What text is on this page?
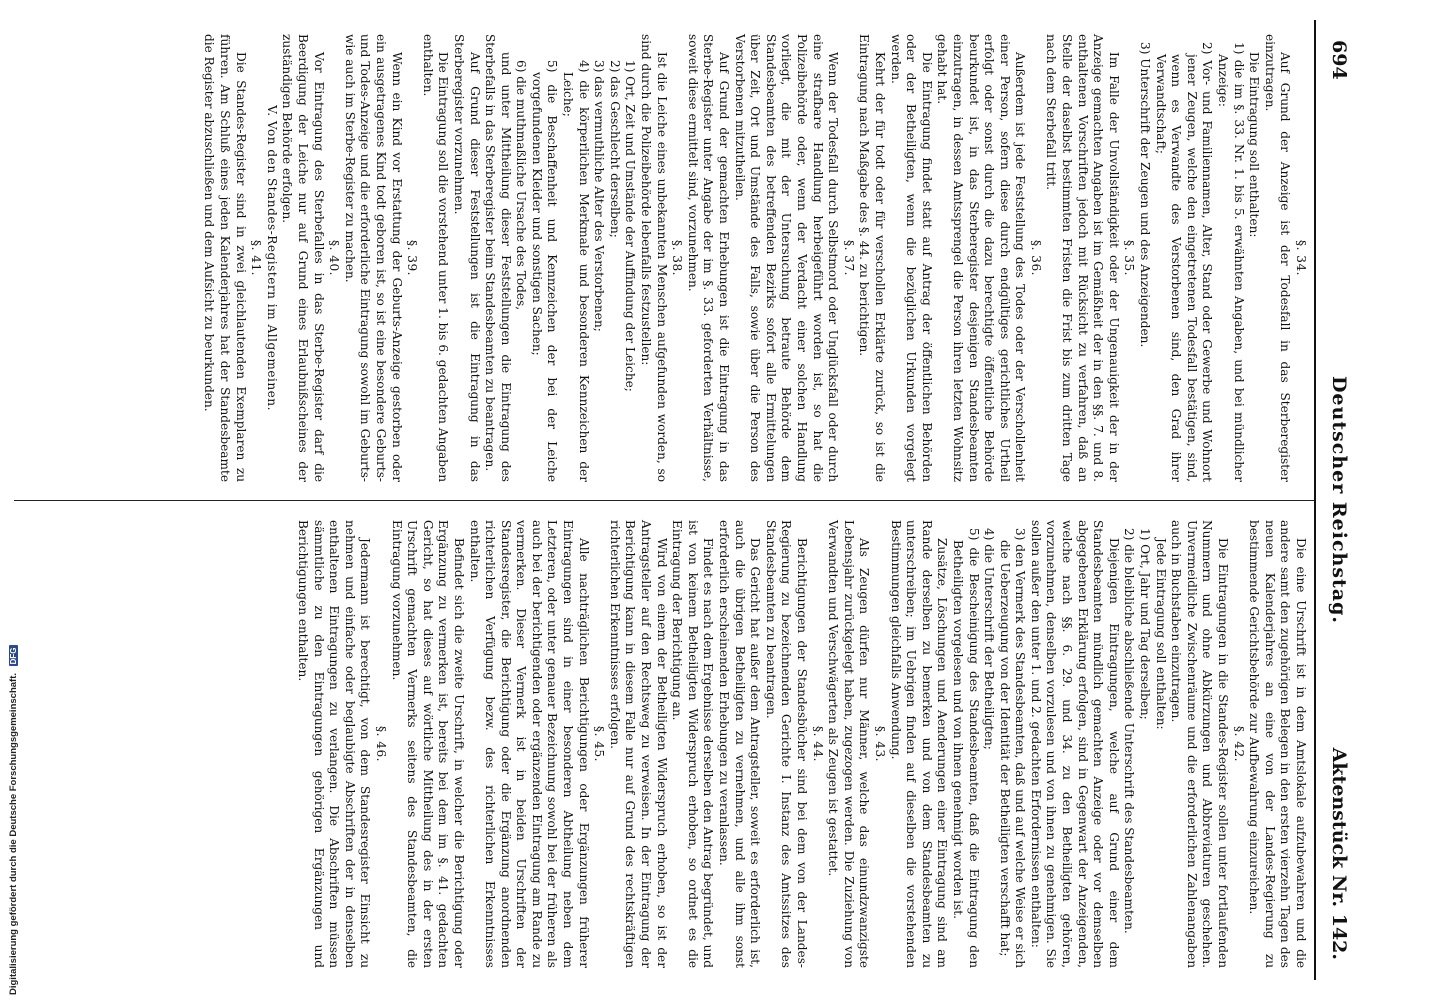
694
Deutscher Reichstag.
Aktenstück Nr. 142.

§. 34.

Auf Grund der Anzeige ist der Todesfall in das Sterberegister einzutragen.

Die Eintragung soll enthalten:

1) die im §. 33. Nr. 1. bis 5. erwähnten Angaben, und bei mündlicher Anzeige:

2) Vor- und Familiennamen, Alter, Stand oder Gewerbe und Wohnort jener Zeugen, welche den eingetretenen Todesfall bestätigen, sind, wenn es Verwandte des Verstorbenen sind, den Grad ihrer Verwandtschaft;

3) Unterschrift der Zeugen und des Anzeigenden.

§. 35.

Im Falle der Unvollständigkeit oder der Ungenauigkeit der in der Anzeige gemachten Angaben ist im Gemäßheit der in den §§. 7. und 8. enthaltenen Vorschriften jedoch mit Rücksicht zu verfahren, daß an Stelle der daselbst bestimmten Fristen die Frist bis zum dritten Tage nach dem Sterbefall tritt.

§. 36.

Außerdem ist jede Feststellung des Todes oder der Verschollenheit einer Person, sofern diese durch endgültiges gerichtliches Urtheil erfolgt oder sonst durch die dazu berechtigte öffentliche Behörde beurkundet ist, in das Sterberegister desjenigen Standesbeamten einzutragen, in dessen Amtssprengel die Person ihren letzten Wohnsitz gehabt hat.

Die Eintragung findet statt auf Antrag der öffentlichen Behörden oder der Betheiligten, wenn die bezüglichen Urkunden vorgelegt werden.

Kehrt der für todt oder für verschollen Erklärte zurück, so ist die Eintragung nach Maßgabe des §. 44. zu berichtigen.

§. 37.

Wenn der Todesfall durch Selbstmord oder Unglücksfall oder durch eine strafbare Handlung herbeigeführt worden ist, so hat die Polizeibehörde oder, wenn der Verdacht einer solchen Handlung vorliegt, die mit der Untersuchung betraute Behörde dem Standesbeamten des betreffenden Bezirks sofort alle Ermittelungen über Zeit, Ort und Umstände des Falls, sowie über die Person des Verstorbenen mitzutheilen.

Auf Grund der gemachten Erhebungen ist die Eintragung in das Sterbe-Register unter Angabe der im §. 33. geforderten Verhältnisse, soweit diese ermittelt sind, vorzunehmen.

§. 38.

Ist die Leiche eines unbekannten Menschen aufgefunden worden, so sind durch die Polizeibehörde lebenfalls festzustellen:

1) Ort, Zeit und Umstände der Auffindung der Leiche;

2) das Geschlecht derselben;

3) das vermuthliche Alter des Verstorbenen;

4) die körperlichen Merkmale und besonderen Kennzeichen der Leiche;

5) die Beschaffenheit und Kennzeichen der bei der Leiche vorgefundenen Kleider und sonstigen Sachen;

6) die muthmaßliche Ursache des Todes,

und unter Mittheilung dieser Feststellungen die Eintragung des Sterbefalls in das Sterberegister beim Standesbeamten zu beantragen.

Auf Grund dieser Feststellungen ist die Eintragung in das Sterberegister vorzunehmen.

Die Eintragung soll die vorstehend unter 1. bis 6. gedachten Angaben enthalten.

§. 39.

Wenn ein Kind vor Erstattung der Geburts-Anzeige gestorben oder ein ausgetragenes Kind todt geboren ist, so ist eine besondere Geburts- und Todes-Anzeige und die erforderliche Eintragung sowohl im Geburts- wie auch im Sterbe-Register zu machen.

§. 40.

Vor Eintragung des Sterbefalles in das Sterbe-Register darf die Beerdigung der Leiche nur auf Grund eines Erlaubnißscheines der zuständigen Behörde erfolgen.

V. Von den Standes-Registern im Allgemeinen.

§. 41.

Die Standes-Register sind in zwei gleichlautenden Exemplaren zu führen. Am Schluß eines jeden Kalenderjahres hat der Standesbeamte die Register abzuschließen und dem Aufsicht zu beurkunden.

Die eine Urschrift ist in dem Amtslokale aufzubewahren und die andere samt den zugehörigen Belegen in den ersten vierzehn Tagen des neuen Kalenderjahres an eine von der Landes-Regierung zu bestimmende Gerichtsbehörde zur Aufbewahrung einzureichen.

§. 42.

Die Eintragungen in die Standes-Register sollen unter fortlaufenden Nummern und ohne Abkürzungen und Abbreviaturen geschehen. Unvermeidliche Zwischenräume und die erforderlichen Zahlenangaben auch in Buchstaben einzutragen.

Jede Eintragung soll enthalten:

1) Ort, Jahr und Tag derselben;

2) die bleibliche abschließende Unterschrift des Standesbeamten.

Diejenigen Eintragungen, welche auf Grund einer dem Standesbeamten mündlich gemachten Anzeige oder vor demselben abgegebenen Erklärung erfolgen, sind in Gegenwart der Anzeigenden, welche nach §§. 6. 29. und 34. zu den Betheiligten gehören, vorzunehmen, denselben vorzulesen und von ihnen zu genehmigen. Sie sollen außer den unter 1. und 2. gedachten Erfordernissen enthalten:

3) den Vermerk des Standesbeamten, daß und auf welche Weise er sich die Ueberzeugung von der Identität der Betheiligten verschafft hat;

4) die Unterschrift der Betheiligten;

5) die Bescheinigung des Standesbeamten, daß die Eintragung den Betheiligten vorgelesen und von ihnen genehmigt worden ist.

Zusätze, Löschungen und Aenderungen einer Eintragung sind am Rande derselben zu bemerken und von dem Standesbeamten zu unterschreiben; im Uebrigen finden auf dieselben die vorstehenden Bestimmungen gleichfalls Anwendung.

§. 43.

Als Zeugen dürfen nur Männer, welche das einundzwanzigste Lebensjahr zurückgelegt haben, zugezogen werden. Die Zuziehung von Verwandten und Verschwägerten als Zeugen ist gestattet.

§. 44.

Berichtigungen der Standesbücher sind bei dem von der Landes-Regierung zu bezeichnenden Gerichte I. Instanz des Amtssitzes des Standesbeamten zu beantragen.

Das Gericht hat außer dem Antragsteller, soweit es erforderlich ist, auch die übrigen Betheiligten zu vernehmen, und alle ihm sonst erforderlich erscheinenden Erhebungen zu veranlassen.

Findet es nach dem Ergebnisse derselben den Antrag begründet, und ist von keinem Betheiligten Widerspruch erhoben, so ordnet es die Eintragung der Berichtigung an.

Wird von einem der Betheiligten Widerspruch erhoben, so ist der Antragsteller auf den Rechtsweg zu verweisen. In der Eintragung der Berichtigung kann in diesem Falle nur auf Grund des rechtskräftigen richterlichen Erkenntnisses erfolgen.

§. 45.

Alle nachträglichen Berichtigungen oder Ergänzungen früherer Eintragungen sind in einer besonderen Abtheilung neben dem Letzteren, oder unter genauer Bezeichnung sowohl bei der früheren als auch bei der berichtigenden oder ergänzenden Eintragung am Rande zu vermerken. Dieser Vermerk ist in beiden Urschriften der Standesregister, die Berichtigung oder die Ergänzung anordnenden richterlichen Verfügung bezw. des richterlichen Erkenntnisses enthalten.

Befindet sich die zweite Urschrift, in welcher die Berichtigung oder Ergänzung zu vermerken ist, bereits bei dem im §. 41. gedachten Gericht, so hat dieses auf wörtliche Mittheilung des in der ersten Urschrift gemachten Vermerks seitens des Standesbeamten, die Eintragung vorzunehmen.

§. 46.

Jedermann ist berechtigt, von dem Standesregister Einsicht zu nehmen und einfache oder beglaubigte Abschriften der in denselben enthaltenen Eintragungen zu verlangen. Die Abschriften müssen sämmtliche zu den Eintragungen gehörigen Ergänzungen und Berichtigungen enthalten.

Digitalisierung gefördert durch die Deutsche Forschungsgemeinschaft. DFG
